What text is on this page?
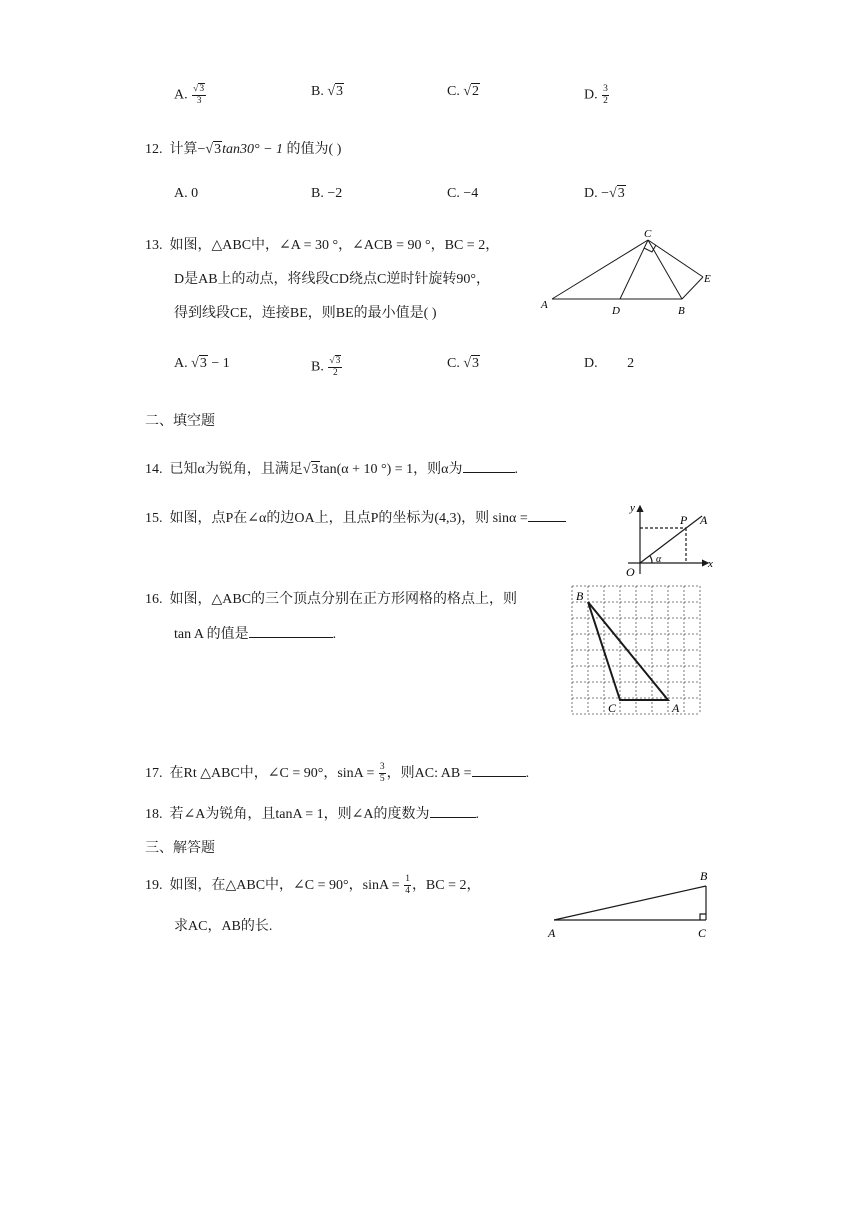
A. $\frac{√3}{3}$	B. √3	C. √2	D. $\frac{3}{2}$
12. 计算−√3tan30° − 1 的值为( )
A. 0	B. −2	C. −4	D. −√3
13. 如图，△ABC中，∠A = 30 °，∠ACB = 90 °，BC = 2，
D是AB上的动点，将线段CD绕点C逆时针旋转90°，
得到线段CE，连接BE，则BE的最小值是( )
C
A	D	B
E
A. √3 − 1	B. $\frac{√3}{2}$	C. √3	D. 2
二、填空题
14. 已知α为锐角，且满足√3tan(α + 10 °) = 1，则α为	.
15. 如图，点P在∠α的边OA上，且点P的坐标为(4,3)，则 sinα =
y
x
O
P A
α
16. 如图，△ABC的三个顶点分别在正方形网格的格点上，则
tan A 的值是	.
B
C	A
17. 在Rt △ABC中，∠C = 90°，$\sin A = \frac{3}{5}$ ，则AC: AB =	.
18. 若∠A为锐角，且tanA = 1，则∠A的度数为	.
三、解答题
19. 如图，在△ABC中，∠C = 90°，$\sin A = \frac{1}{4}$ ，BC = 2，
求AC，AB的长.
B
A	C
